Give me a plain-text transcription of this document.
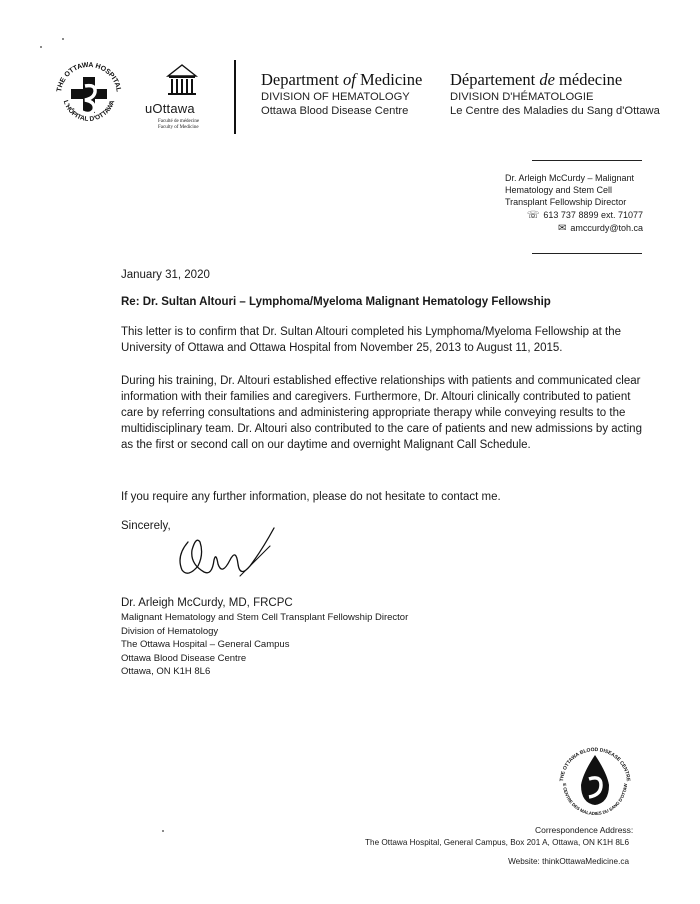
THE OTTAWA HOSPITAL
L'HÔPITAL D'OTTAWA uOttawa
Faculté de médecine
Faculty of Medicine
Department of Medicine
DIVISION OF HEMATOLOGY
Ottawa Blood Disease Centre
Département de médecine
DIVISION D'HÉMATOLOGIE
Le Centre des Maladies du Sang d'Ottawa
Dr. Arleigh McCurdy – Malignant
Hematology and Stem Cell
Transplant Fellowship Director
☏ 613 737 8899 ext. 71077
✉ amccurdy@toh.ca
January 31, 2020
Re: Dr. Sultan Altouri – Lymphoma/Myeloma Malignant Hematology Fellowship
This letter is to confirm that Dr. Sultan Altouri completed his Lymphoma/Myeloma Fellowship at the University of Ottawa and Ottawa Hospital from November 25, 2013 to August 11, 2015.
During his training, Dr. Altouri established effective relationships with patients and communicated clear information with their families and caregivers. Furthermore, Dr. Altouri clinically contributed to patient care by referring consultations and administering appropriate therapy while conveying results to the multidisciplinary team. Dr. Altouri also contributed to the care of patients and new admissions by acting as the first or second call on our daytime and overnight Malignant Call Schedule.
If you require any further information, please do not hesitate to contact me.
Sincerely,
Dr. Arleigh McCurdy, MD, FRCPC
Malignant Hematology and Stem Cell Transplant Fellowship Director
Division of Hematology
The Ottawa Hospital – General Campus
Ottawa Blood Disease Centre
Ottawa, ON K1H 8L6
THE OTTAWA BLOOD DISEASE CENTRE
E CENTRE DES MALADIES DU SANG D'OTTAW
Correspondence Address:
The Ottawa Hospital, General Campus, Box 201 A, Ottawa, ON K1H 8L6
Website: thinkOttawaMedicine.ca
